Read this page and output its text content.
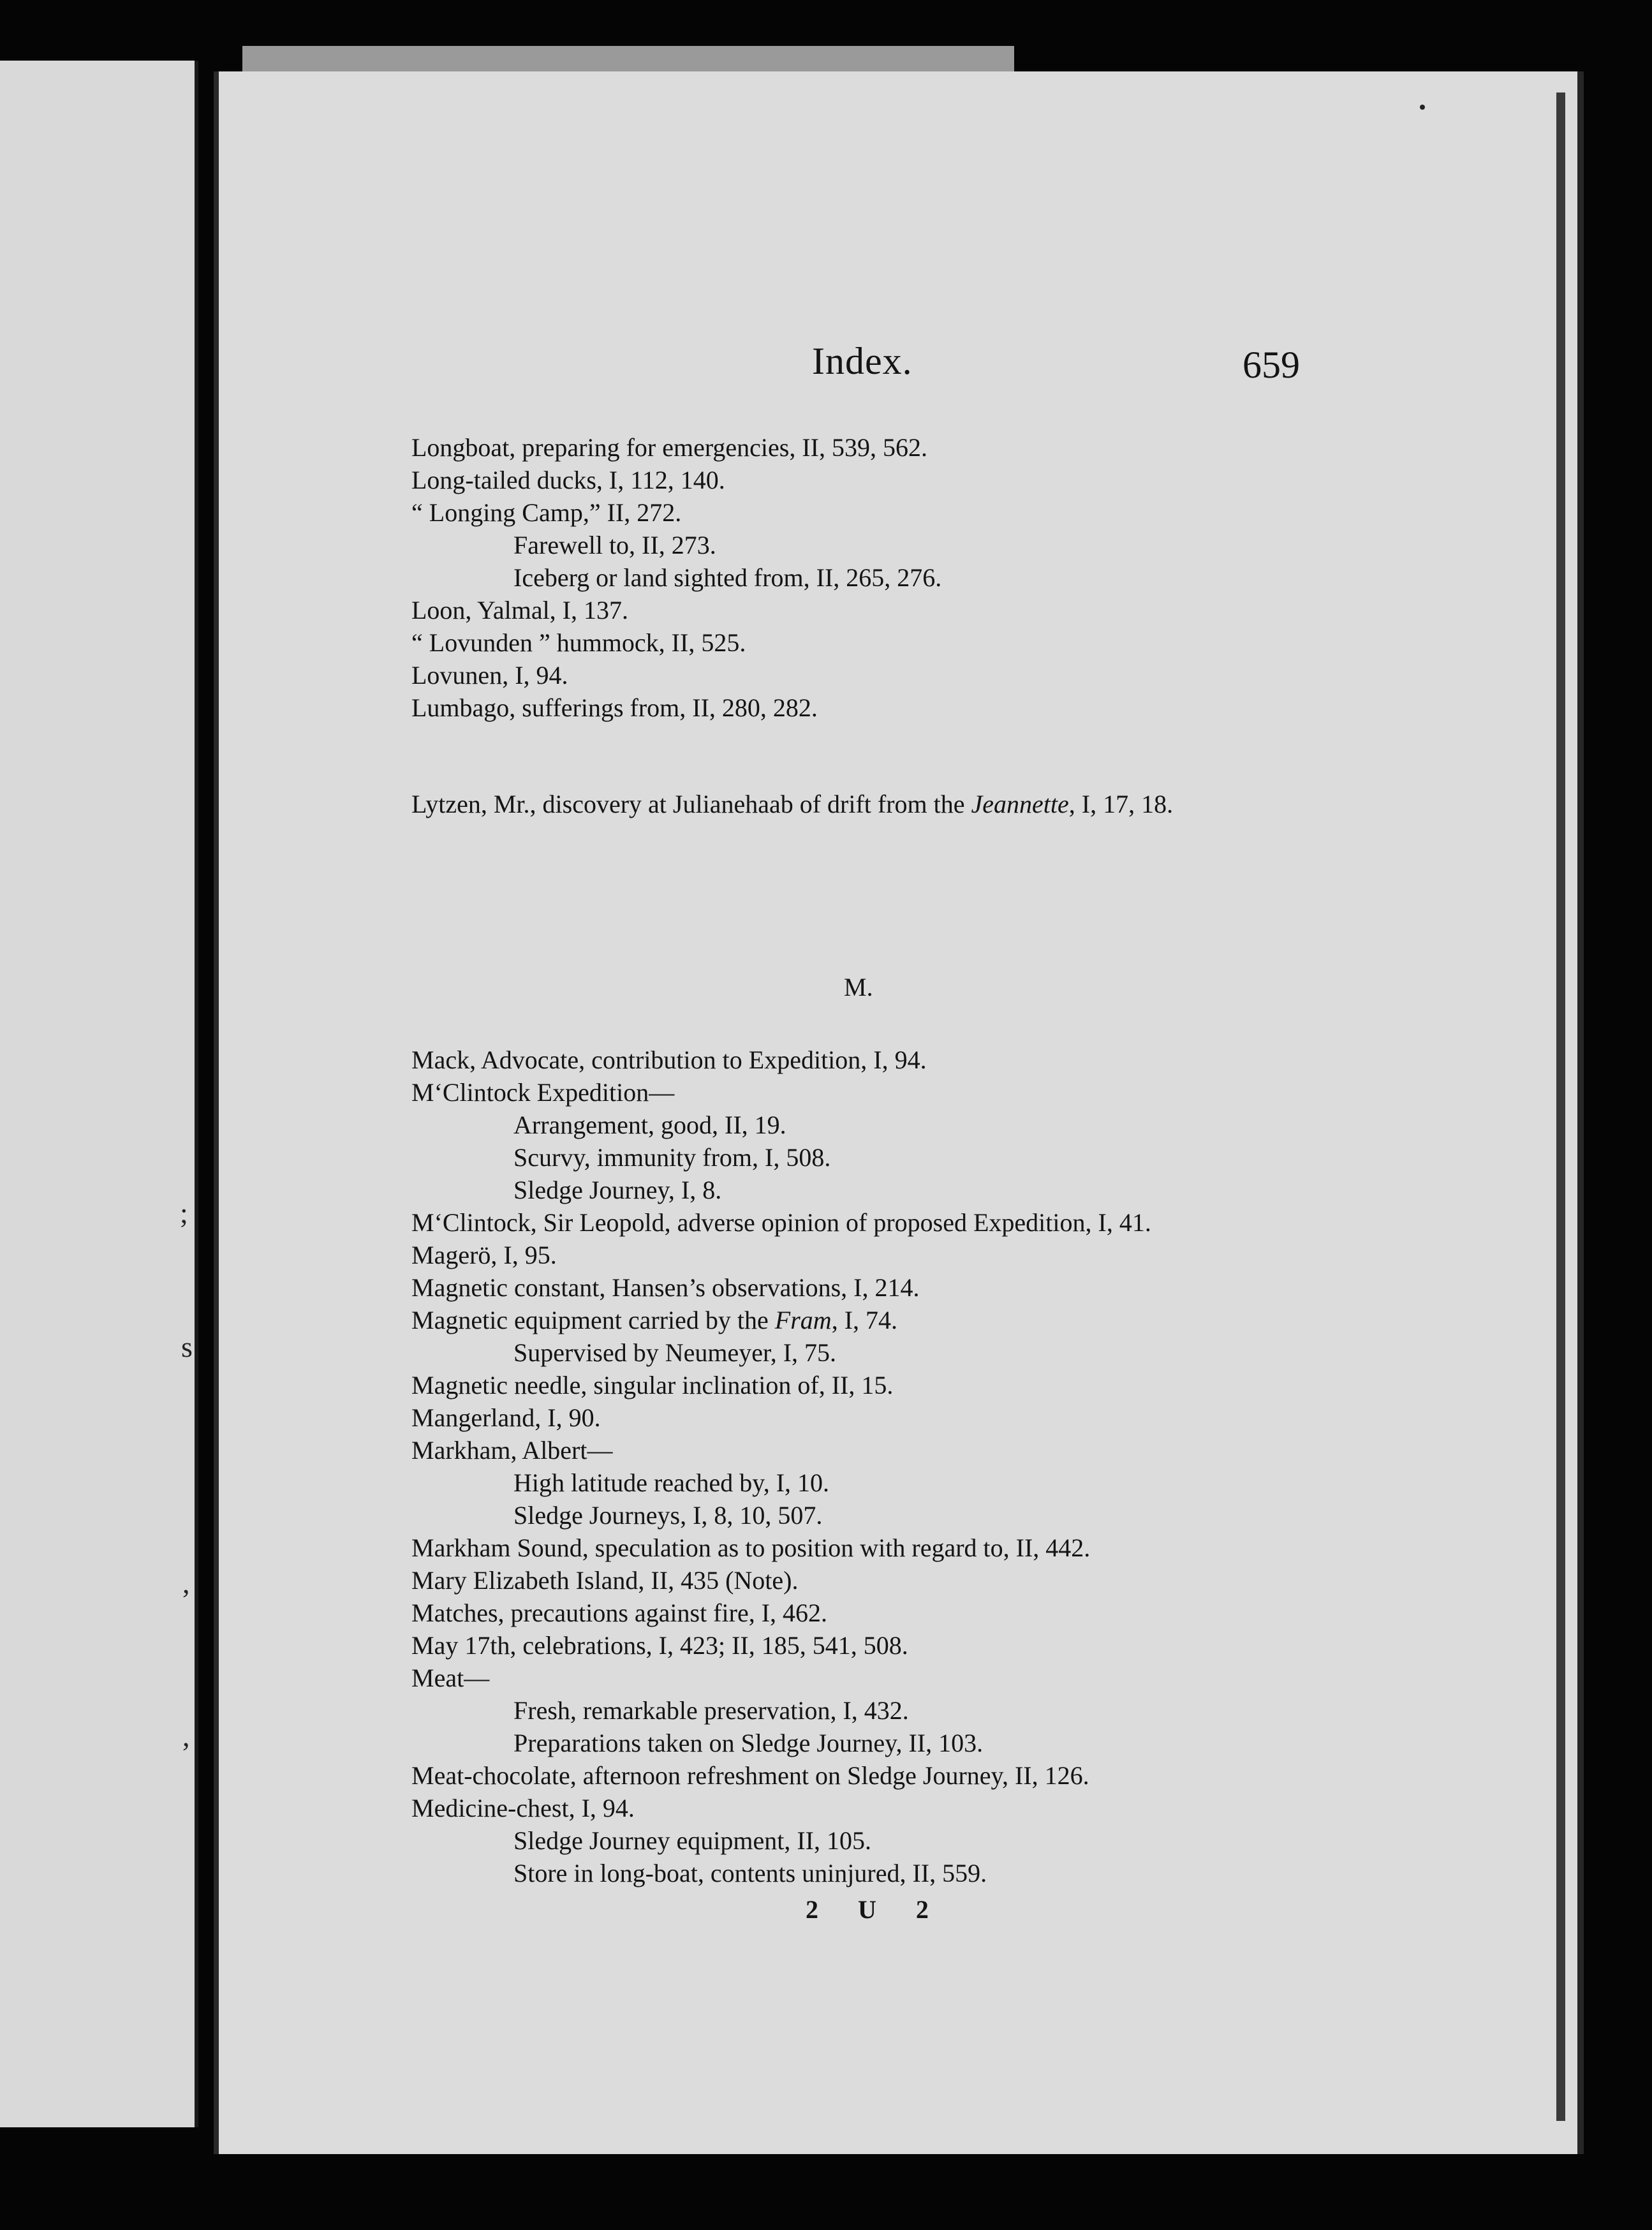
;
s
,
,
Index.	659
Longboat, preparing for emergencies, II, 539, 562.
Long-tailed ducks, I, 112, 140.
“ Longing Camp,” II, 272.
Farewell to, II, 273.
Iceberg or land sighted from, II, 265, 276.
Loon, Yalmal, I, 137.
“ Lovunden ” hummock, II, 525.
Lovunen, I, 94.
Lumbago, sufferings from, II, 280, 282.
Lytzen, Mr., discovery at Julianehaab of drift from the Jeannette, I, 17, 18.
M.
Mack, Advocate, contribution to Expedition, I, 94.
M‘Clintock Expedition—
Arrangement, good, II, 19.
Scurvy, immunity from, I, 508.
Sledge Journey, I, 8.
M‘Clintock, Sir Leopold, adverse opinion of proposed Expedition, I, 41.
Magerö, I, 95.
Magnetic constant, Hansen’s observations, I, 214.
Magnetic equipment carried by the Fram, I, 74.
Supervised by Neumeyer, I, 75.
Magnetic needle, singular inclination of, II, 15.
Mangerland, I, 90.
Markham, Albert—
High latitude reached by, I, 10.
Sledge Journeys, I, 8, 10, 507.
Markham Sound, speculation as to position with regard to, II, 442.
Mary Elizabeth Island, II, 435 (Note).
Matches, precautions against fire, I, 462.
May 17th, celebrations, I, 423; II, 185, 541, 508.
Meat—
Fresh, remarkable preservation, I, 432.
Preparations taken on Sledge Journey, II, 103.
Meat-chocolate, afternoon refreshment on Sledge Journey, II, 126.
Medicine-chest, I, 94.
Sledge Journey equipment, II, 105.
Store in long-boat, contents uninjured, II, 559.
2 U 2
